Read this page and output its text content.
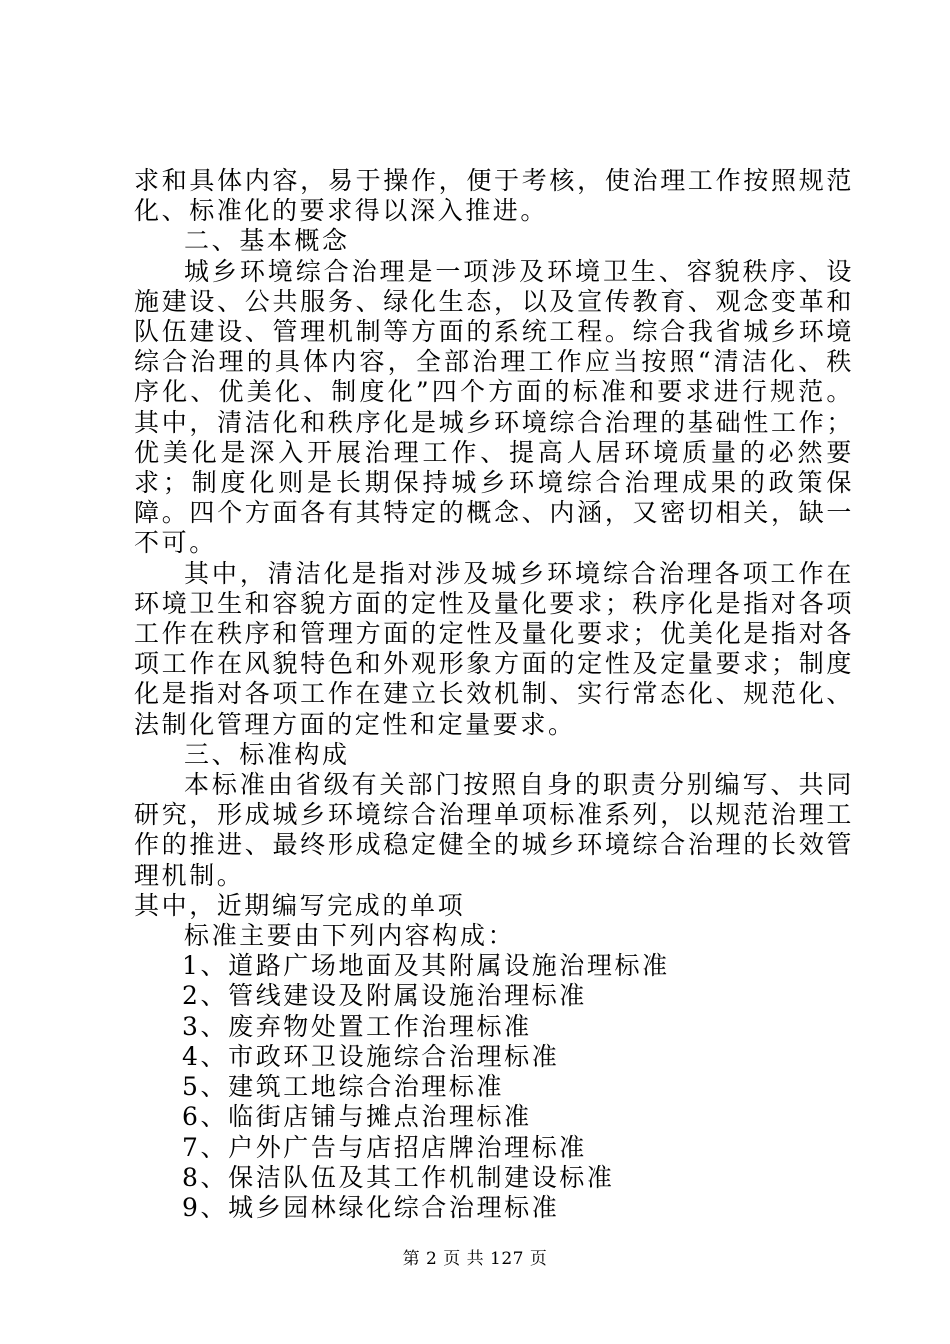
求和具体内容，易于操作，便于考核，使治理工作按照规范化、标准化的要求得以深入推进。

二、基本概念

城乡环境综合治理是一项涉及环境卫生、容貌秩序、设施建设、公共服务、绿化生态，以及宣传教育、观念变革和队伍建设、管理机制等方面的系统工程。综合我省城乡环境综合治理的具体内容，全部治理工作应当按照“清洁化、秩序化、优美化、制度化”四个方面的标准和要求进行规范。其中，清洁化和秩序化是城乡环境综合治理的基础性工作；优美化是深入开展治理工作、提高人居环境质量的必然要求；制度化则是长期保持城乡环境综合治理成果的政策保障。四个方面各有其特定的概念、内涵，又密切相关，缺一不可。

其中，清洁化是指对涉及城乡环境综合治理各项工作在环境卫生和容貌方面的定性及量化要求；秩序化是指对各项工作在秩序和管理方面的定性及量化要求；优美化是指对各项工作在风貌特色和外观形象方面的定性及定量要求；制度化是指对各项工作在建立长效机制、实行常态化、规范化、法制化管理方面的定性和定量要求。

三、标准构成

本标准由省级有关部门按照自身的职责分别编写、共同研究，形成城乡环境综合治理单项标准系列，以规范治理工作的推进、最终形成稳定健全的城乡环境综合治理的长效管理机制。

其中，近期编写完成的单项

标准主要由下列内容构成：

1、道路广场地面及其附属设施治理标准

2、管线建设及附属设施治理标准

3、废弃物处置工作治理标准

4、市政环卫设施综合治理标准

5、建筑工地综合治理标准

6、临街店铺与摊点治理标准

7、户外广告与店招店牌治理标准

8、保洁队伍及其工作机制建设标准

9、城乡园林绿化综合治理标准

第 2 页 共 127 页
